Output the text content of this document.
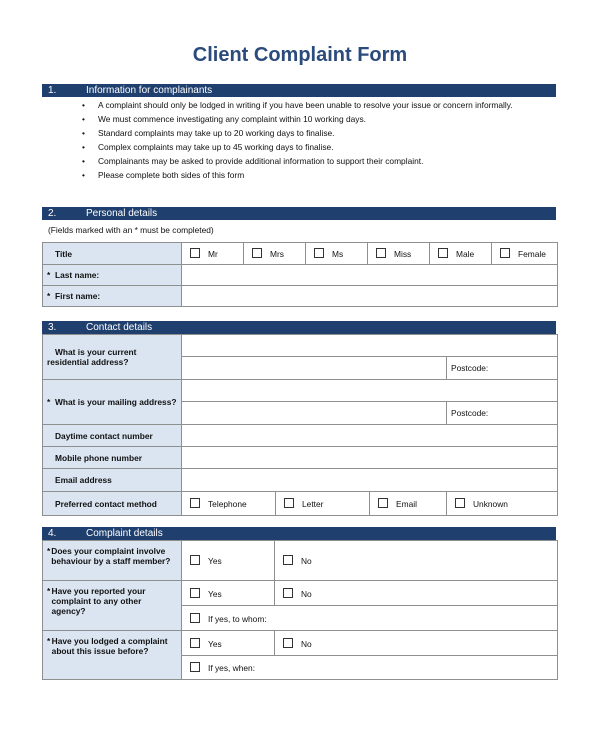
Client Complaint Form
1.	Information for complainants
• A complaint should only be lodged in writing if you have been unable to resolve your issue or concern informally.
• We must commence investigating any complaint within 10 working days.
• Standard complaints may take up to 20 working days to finalise.
• Complex complaints may take up to 45 working days to finalise.
• Complainants may be asked to provide additional information to support their complaint.
• Please complete both sides of this form
2.	Personal details
(Fields marked with an * must be completed)
Title	Mr	Mrs	Ms	Miss	Male	Female
* Last name:						
* First name:						
3.	Contact details
What is your current residential address?				
				Postcode:
* What is your mailing address?				
				Postcode:
Daytime contact number				
Mobile phone number				
Email address				
Preferred contact method	Telephone	Letter	Email	Unknown
4.	Complaint details
* Does your complaint involve behaviour by a staff member?	Yes	No

* Have you reported your complaint to any other agency?	Yes	No
	If yes, to whom:	

* Have you lodged a complaint about this issue before?	Yes	No
	If yes, when:	
